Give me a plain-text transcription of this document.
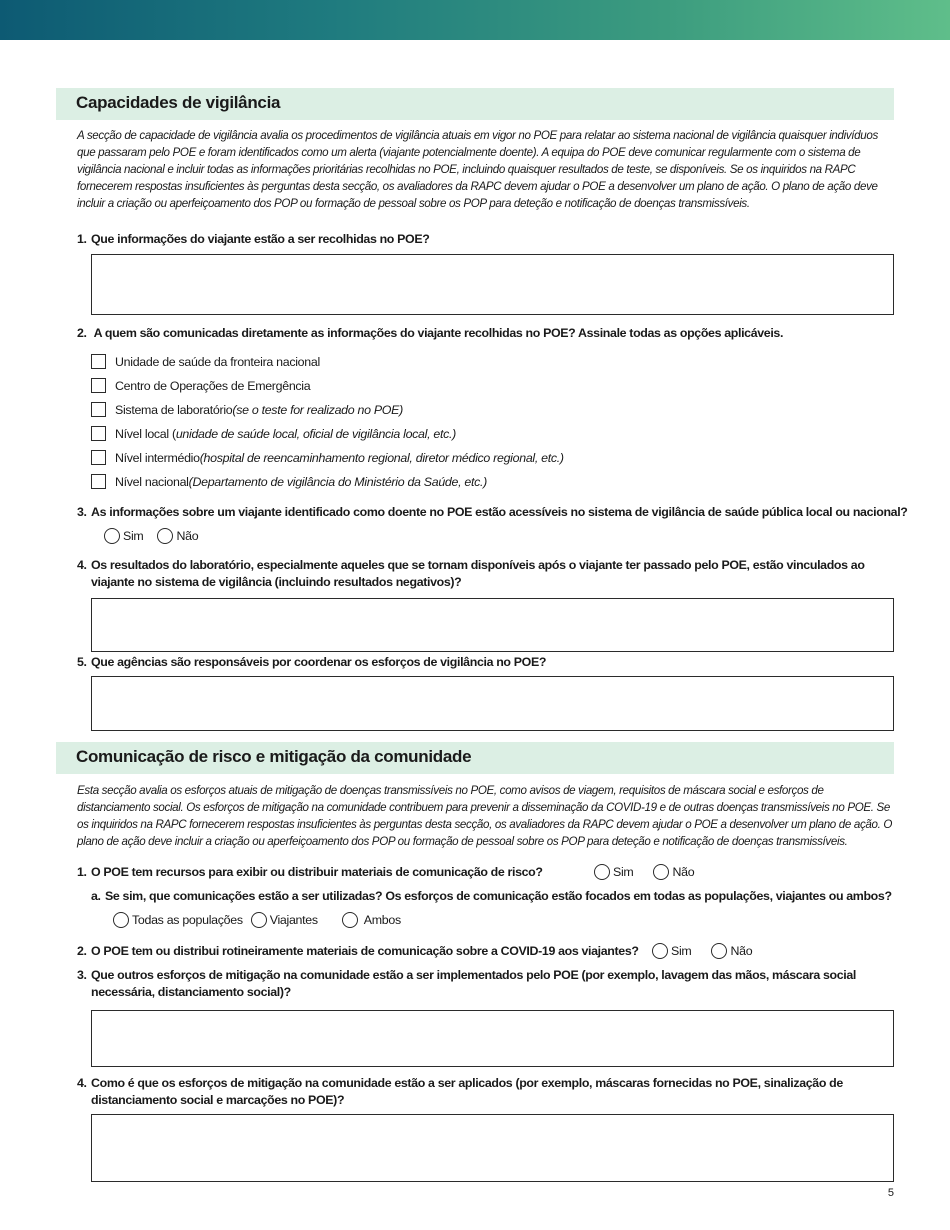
Capacidades de vigilância

A secção de capacidade de vigilância avalia os procedimentos de vigilância atuais em vigor no POE para relatar ao sistema nacional de vigilância quaisquer indivíduos que passaram pelo POE e foram identificados como um alerta (viajante potencialmente doente). A equipa do POE deve comunicar regularmente com o sistema de vigilância nacional e incluir todas as informações prioritárias recolhidas no POE, incluindo quaisquer resultados de teste, se disponíveis. Se os inquiridos na RAPC fornecerem respostas insuficientes às perguntas desta secção, os avaliadores da RAPC devem ajudar o POE a desenvolver um plano de ação. O plano de ação deve incluir a criação ou aperfeiçoamento dos POP ou formação de pessoal sobre os POP para deteção e notificação de doenças transmissíveis.

1. Que informações do viajante estão a ser recolhidas no POE?
2. A quem são comunicadas diretamente as informações do viajante recolhidas no POE? Assinale todas as opções aplicáveis.
Unidade de saúde da fronteira nacional
Centro de Operações de Emergência
Sistema de laboratório (se o teste for realizado no POE)
Nível local ( unidade de saúde local, oficial de vigilância local, etc.)
Nível intermédio (hospital de reencaminhamento regional, diretor médico regional, etc.)
Nível nacional (Departamento de vigilância do Ministério da Saúde, etc.)
3. As informações sobre um viajante identificado como doente no POE estão acessíveis no sistema de vigilância de saúde pública local ou nacional?
Sim	Não
4. Os resultados do laboratório, especialmente aqueles que se tornam disponíveis após o viajante ter passado pelo POE, estão vinculados ao
viajante no sistema de vigilância (incluindo resultados negativos)?
5. Que agências são responsáveis por coordenar os esforços de vigilância no POE?
Comunicação de risco e mitigação da comunidade

Esta secção avalia os esforços atuais de mitigação de doenças transmissíveis no POE, como avisos de viagem, requisitos de máscara social e esforços de distanciamento social. Os esforços de mitigação na comunidade contribuem para prevenir a disseminação da COVID-19 e de outras doenças transmissíveis no POE. Se os inquiridos na RAPC fornecerem respostas insuficientes às perguntas desta secção, os avaliadores da RAPC devem ajudar o POE a desenvolver um plano de ação. O plano de ação deve incluir a criação ou aperfeiçoamento dos POP ou formação de pessoal sobre os POP para deteção e notificação de doenças transmissíveis.

1. O POE tem recursos para exibir ou distribuir materiais de comunicação de risco?	Sim	Não
a. Se sim, que comunicações estão a ser utilizadas? Os esforços de comunicação estão focados em todas as populações, viajantes ou ambos?
Todas as populações Viajantes	Ambos
2. O POE tem ou distribui rotineiramente materiais de comunicação sobre a COVID-19 aos viajantes?	Sim	Não
3. Que outros esforços de mitigação na comunidade estão a ser implementados pelo POE (por exemplo, lavagem das mãos, máscara social
necessária, distanciamento social)?
4. Como é que os esforços de mitigação na comunidade estão a ser aplicados (por exemplo, máscaras fornecidas no POE, sinalização de
distanciamento social e marcações no POE)?
5
